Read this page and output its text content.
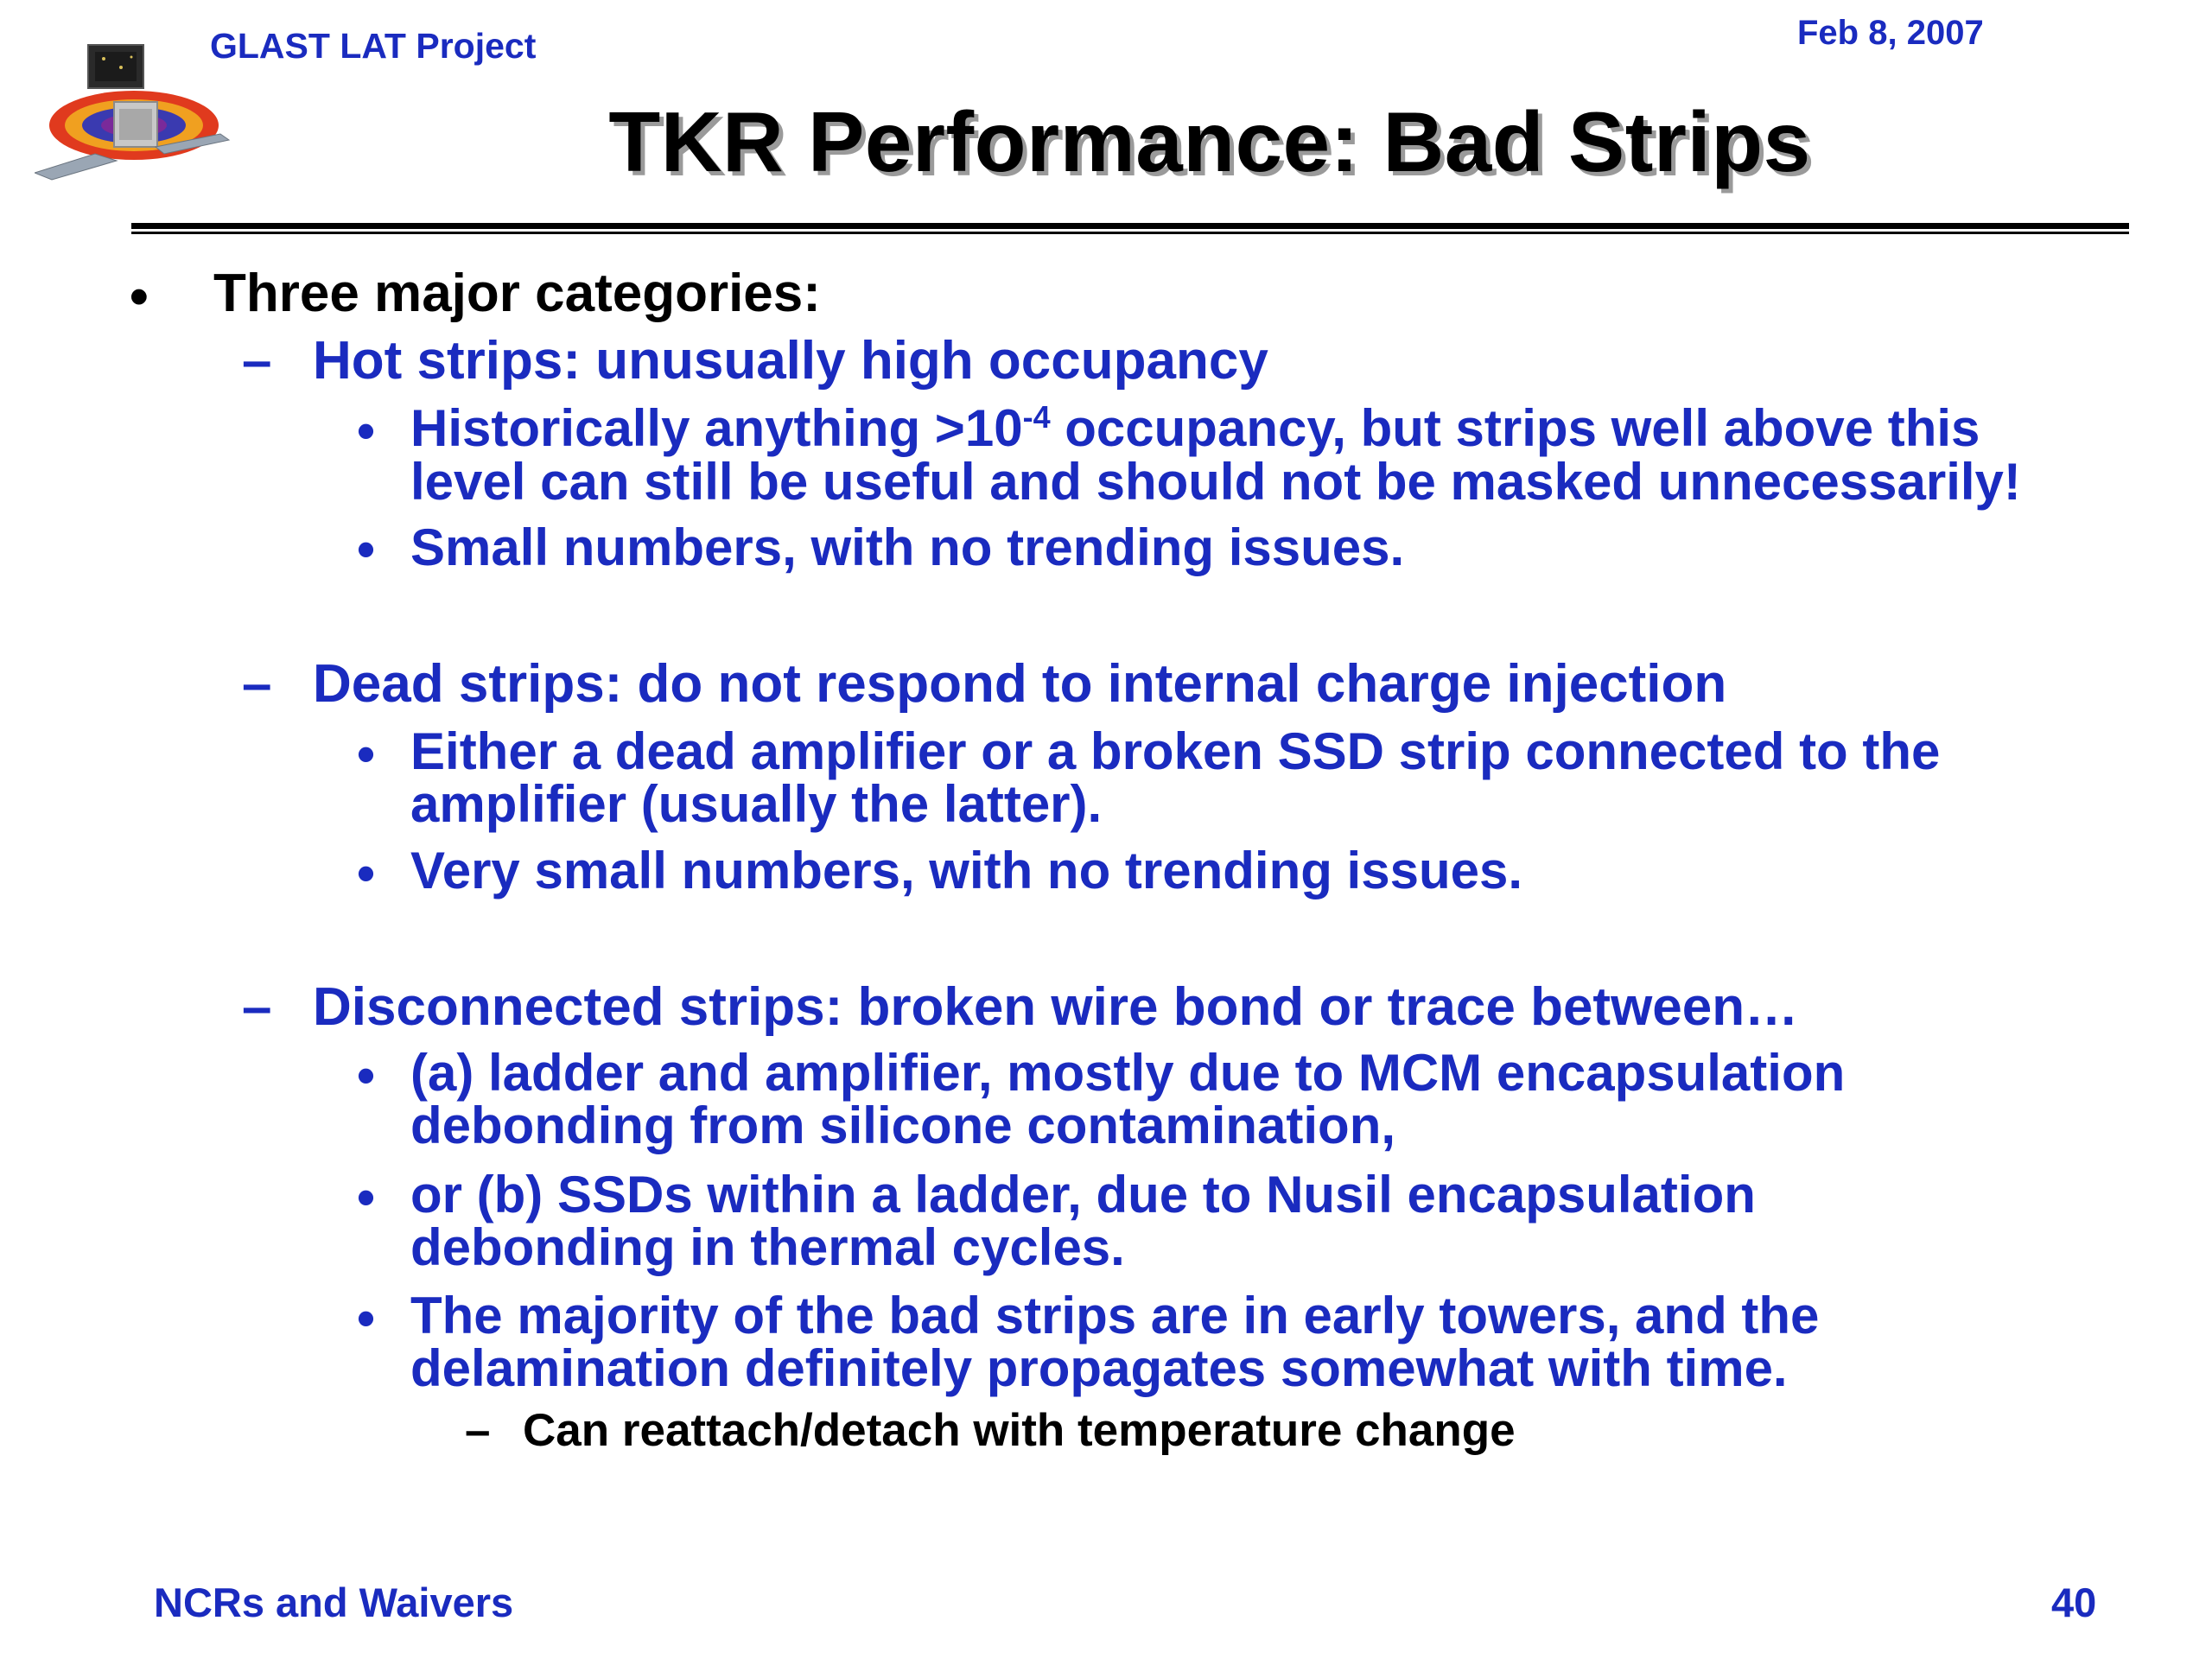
GLAST LAT Project	Feb 8, 2007
TKR Performance: Bad Strips
• Three major categories:
– Hot strips: unusually high occupancy
• Historically anything $>10^{-4}$ occupancy, but strips well above this
level can still be useful and should not be masked unnecessarily!
• Small numbers, with no trending issues.
– Dead strips: do not respond to internal charge injection
• Either a dead amplifier or a broken SSD strip connected to the
amplifier (usually the latter).
• Very small numbers, with no trending issues.
– Disconnected strips: broken wire bond or trace between…
• (a) ladder and amplifier, mostly due to MCM encapsulation
debonding from silicone contamination,
• or (b) SSDs within a ladder, due to Nusil encapsulation
debonding in thermal cycles.
• The majority of the bad strips are in early towers, and the
delamination definitely propagates somewhat with time.
– Can reattach/detach with temperature change
NCRs and Waivers	40
